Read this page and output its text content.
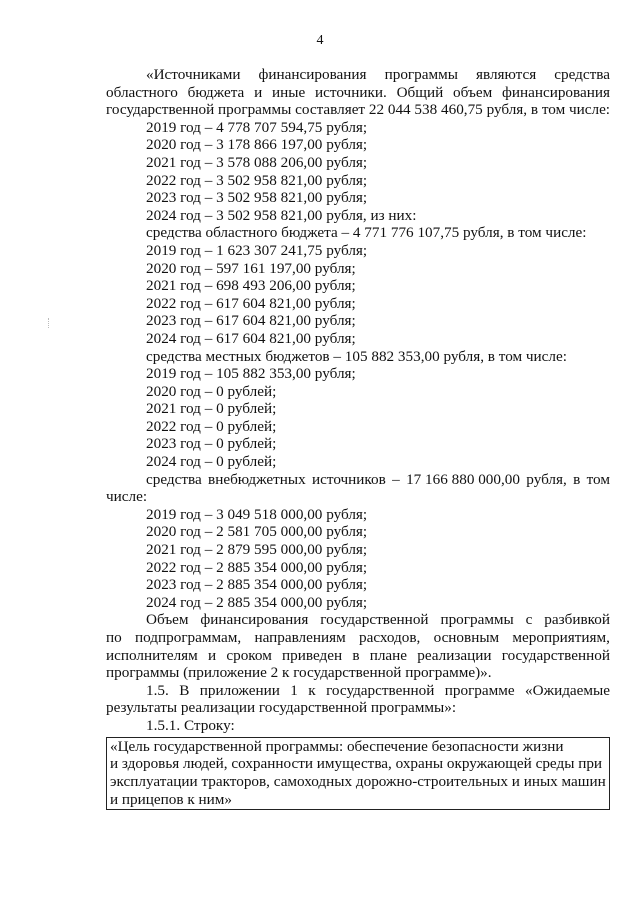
4
«Источниками финансирования программы являются средства
областного бюджета и иные источники. Общий объем финансирования
государственной программы составляет 22 044 538 460,75 рубля, в том числе:
2019 год – 4 778 707 594,75 рубля;
2020 год – 3 178 866 197,00 рубля;
2021 год – 3 578 088 206,00 рубля;
2022 год – 3 502 958 821,00 рубля;
2023 год – 3 502 958 821,00 рубля;
2024 год – 3 502 958 821,00 рубля, из них:
средства областного бюджета – 4 771 776 107,75 рубля, в том числе:
2019 год – 1 623 307 241,75 рубля;
2020 год – 597 161 197,00 рубля;
2021 год – 698 493 206,00 рубля;
2022 год – 617 604 821,00 рубля;
2023 год – 617 604 821,00 рубля;
2024 год – 617 604 821,00 рубля;
средства местных бюджетов – 105 882 353,00 рубля, в том числе:
2019 год – 105 882 353,00 рубля;
2020 год – 0 рублей;
2021 год – 0 рублей;
2022 год – 0 рублей;
2023 год – 0 рублей;
2024 год – 0 рублей;
средства внебюджетных источников – 17 166 880 000,00 рубля, в том
числе:
2019 год – 3 049 518 000,00 рубля;
2020 год – 2 581 705 000,00 рубля;
2021 год – 2 879 595 000,00 рубля;
2022 год – 2 885 354 000,00 рубля;
2023 год – 2 885 354 000,00 рубля;
2024 год – 2 885 354 000,00 рубля;
Объем финансирования государственной программы с разбивкой
по подпрограммам, направлениям расходов, основным мероприятиям,
исполнителям и сроком приведен в плане реализации государственной
программы (приложение 2 к государственной программе)».
1.5. В приложении 1 к государственной программе «Ожидаемые
результаты реализации государственной программы»:
1.5.1. Строку:
«Цель государственной программы: обеспечение безопасности жизни
и здоровья людей, сохранности имущества, охраны окружающей среды при
эксплуатации тракторов, самоходных дорожно-строительных и иных машин
и прицепов к ним»
